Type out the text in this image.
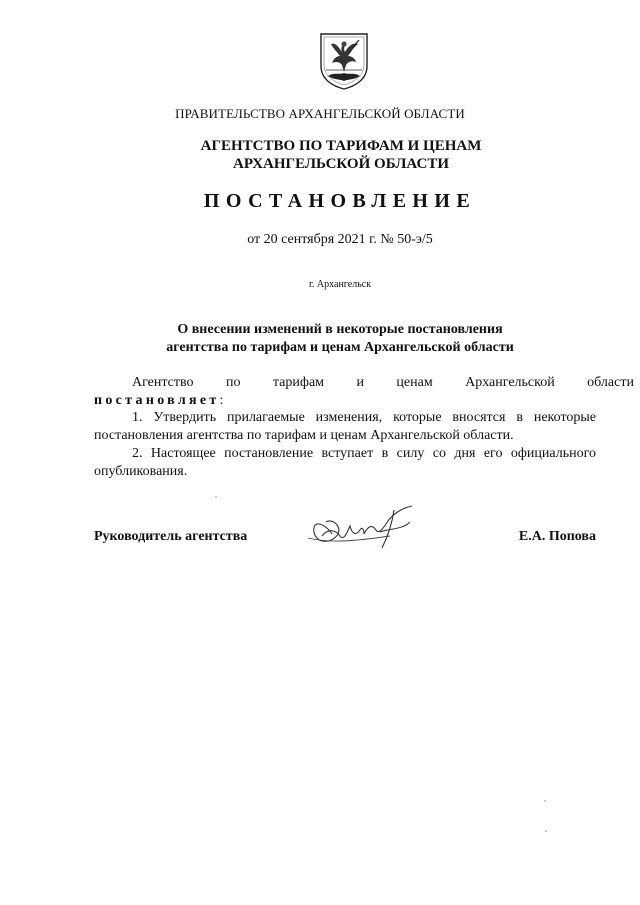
ПРАВИТЕЛЬСТВО АРХАНГЕЛЬСКОЙ ОБЛАСТИ
АГЕНТСТВО ПО ТАРИФАМ И ЦЕНАМ
АРХАНГЕЛЬСКОЙ ОБЛАСТИ
ПОСТАНОВЛЕНИЕ
от 20 сентября 2021 г. № 50-э/5
г. Архангельск
О внесении изменений в некоторые постановления
агентства по тарифам и ценам Архангельской области
Агентство по тарифам и ценам Архангельской области
постановляет:
1. Утвердить прилагаемые изменения, которые вносятся в некоторые постановления агентства по тарифам и ценам Архангельской области.
2. Настоящее постановление вступает в силу со дня его официального опубликования.
Руководитель агентства	Е.А. Попова
